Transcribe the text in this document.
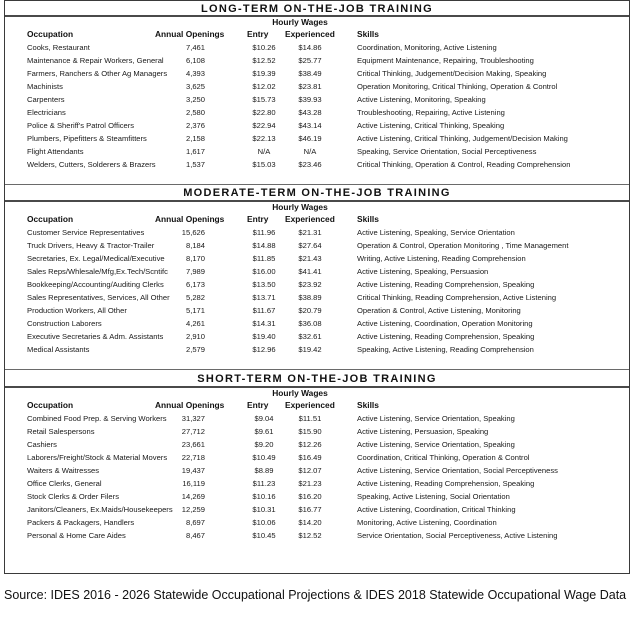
LONG-TERM ON-THE-JOB TRAINING
Hourly Wages
Occupation	Annual Openings	Entry Experienced	Skills
Cooks, Restaurant	7,461	$10.26	$14.86	Coordination, Monitoring, Active Listening
Maintenance & Repair Workers, General	6,108	$12.52	$25.77	Equipment Maintenance, Repairing, Troubleshooting
Farmers, Ranchers & Other Ag Managers 4,393	$19.39	$38.49	Critical Thinking, Judgement/Decision Making, Speaking
Machinists	3,625	$12.02	$23.81	Operation Monitoring, Critical Thinking, Operation & Control
Carpenters	3,250	$15.73	$39.93	Active Listening, Monitoring, Speaking
Electricians	2,580	$22.80	$43.28	Troubleshooting, Repairing, Active Listening
Police & Sheriff's Patrol Officers	2,376	$22.94	$43.14	Active Listening, Critical Thinking, Speaking
Plumbers, Pipefitters & Steamfitters	2,158	$22.13	$46.19	Active Listening, Critical Thinking, Judgement/Decision Making
Flight Attendants	1,617	N/A	N/A	Speaking, Service Orientation, Social Perceptiveness
Welders, Cutters, Solderers & Brazers	1,537	$15.03	$23.46	Critical Thinking, Operation & Control, Reading Comprehension
MODERATE-TERM ON-THE-JOB TRAINING
Hourly Wages
Occupation	Annual Openings	Entry Experienced	Skills
Customer Service Representatives	15,626	$11.96	$21.31	Active Listening, Speaking, Service Orientation
Truck Drivers, Heavy & Tractor-Trailer	8,184	$14.88	$27.64	Operation & Control, Operation Monitoring , Time Management
Secretaries, Ex. Legal/Medical/Executive	8,170	$11.85	$21.43	Writing, Active Listening, Reading Comprehension
Sales Reps/Whlesale/Mfg,Ex.Tech/Scntifc 7,989	$16.00	$41.41	Active Listening, Speaking, Persuasion
Bookkeeping/Accounting/Auditing Clerks	6,173	$13.50	$23.92	Active Listening, Reading Comprehension, Speaking
Sales Representatives, Services, All Other 5,282	$13.71	$38.89	Critical Thinking, Reading Comprehension, Active Listening
Production Workers, All Other	5,171	$11.67	$20.79	Operation & Control, Active Listening, Monitoring
Construction Laborers	4,261	$14.31	$36.08	Active Listening, Coordination, Operation Monitoring
Executive Secretaries & Adm. Assistants	2,910	$19.40	$32.61	Active Listening, Reading Comprehension, Speaking
Medical Assistants	2,579	$12.96	$19.42	Speaking, Active Listening, Reading Comprehension
SHORT-TERM ON-THE-JOB TRAINING
Hourly Wages
Occupation	Annual Openings	Entry Experienced	Skills
Combined Food Prep. & Serving Workers 31,327	$9.04	$11.51	Active Listening, Service Orientation, Speaking
Retail Salespersons	27,712	$9.61	$15.90	Active Listening, Persuasion, Speaking
Cashiers	23,661	$9.20	$12.26	Active Listening, Service Orientation, Speaking
Laborers/Freight/Stock & Material Movers 22,718	$10.49	$16.49	Coordination, Critical Thinking, Operation & Control
Waiters & Waitresses	19,437	$8.89	$12.07	Active Listening, Service Orientation, Social Perceptiveness
Office Clerks, General	16,119	$11.23	$21.23	Active Listening, Reading Comprehension, Speaking
Stock Clerks & Order Filers	14,269	$10.16	$16.20	Speaking, Active Listening, Social Orientation
Janitors/Cleaners, Ex.Maids/Housekeepers 12,259	$10.31	$16.77	Active Listening, Coordination, Critical Thinking
Packers & Packagers, Handlers	8,697	$10.06	$14.20	Monitoring, Active Listening, Coordination
Personal & Home Care Aides	8,467	$10.45	$12.52	Service Orientation, Social Perceptiveness, Active Listening
Source: IDES 2016 - 2026 Statewide Occupational Projections & IDES 2018 Statewide Occupational Wage Data
